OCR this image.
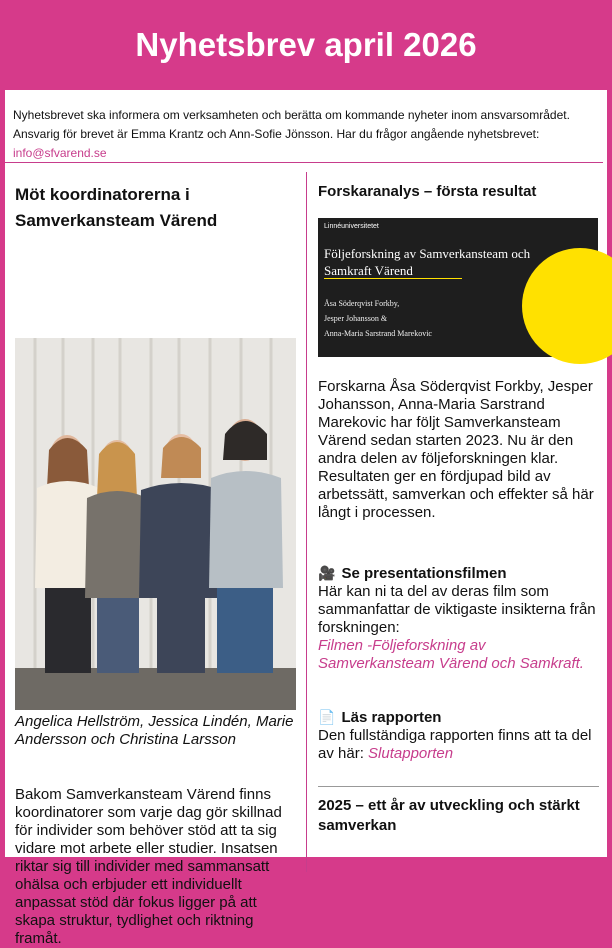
Nyhetsbrev april 2026
Nyhetsbrevet ska informera om verksamheten och berätta om kommande nyheter inom ansvarsområdet.
Ansvarig för brevet är Emma Krantz och Ann-Sofie Jönsson. Har du frågor angående nyhetsbrevet:
info@sfvarend.se
Möt koordinatorerna i Samverkansteam Värend
Angelica Hellström, Jessica Lindén, Marie Andersson och Christina Larsson
Bakom Samverkansteam Värend finns koordinatorer som varje dag gör skillnad för individer som behöver stöd att ta sig vidare mot arbete eller studier. Insatsen riktar sig till individer med sammansatt ohälsa och erbjuder ett individuellt anpassat stöd där fokus ligger på att skapa struktur, tydlighet och riktning framåt.
Forskaranalys – första resultat
Linnéuniversitetet
Följeforskning av Samverkansteam och Samkraft Värend
Åsa Söderqvist Forkby,
Jesper Johansson &
Anna-Maria Sarstrand Marekovic
Forskarna Åsa Söderqvist Forkby, Jesper Johansson, Anna-Maria Sarstrand Marekovic har följt Samverkansteam Värend sedan starten 2023. Nu är den andra delen av följeforskningen klar.
Resultaten ger en fördjupad bild av arbetssätt, samverkan och effekter så här långt i processen.
🎥 Se presentationsfilmen
Här kan ni ta del av deras film som sammanfattar de viktigaste insikterna från forskningen:
Filmen -Följeforskning av Samverkansteam Värend och Samkraft.
📄 Läs rapporten
Den fullständiga rapporten finns att ta del av här: Slutapporten
2025 – ett år av utveckling och stärkt samverkan
